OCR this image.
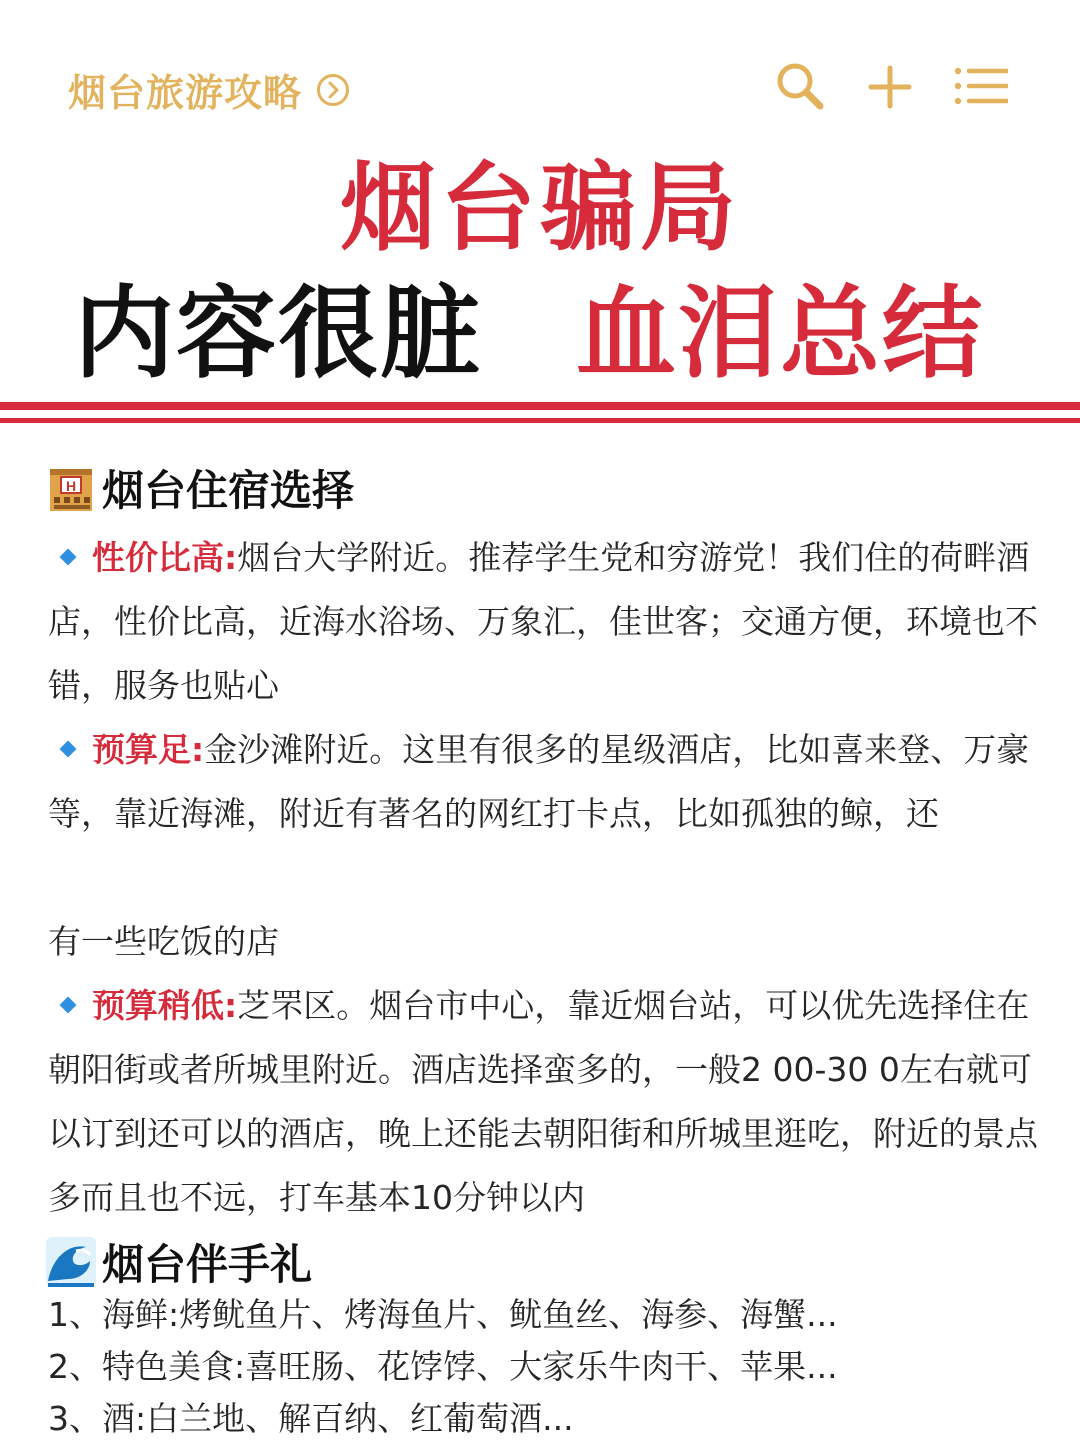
烟台旅游攻略
烟台骗局
内容很脏 血泪总结
H 烟台住宿选择
性价比高:烟台大学附近。推荐学生党和穷游党！我们住的荷畔酒店，性价比高，近海水浴场、万象汇，佳世客；交通方便，环境也不错，服务也贴心
预算足:金沙滩附近。这里有很多的星级酒店，比如喜来登、万豪等，靠近海滩，附近有著名的网红打卡点，比如孤独的鲸，还
有一些吃饭的店
预算稍低:芝罘区。烟台市中心，靠近烟台站，可以优先选择住在朝阳街或者所城里附近。酒店选择蛮多的，一般2 00-30 0左右就可以订到还可以的酒店，晚上还能去朝阳街和所城里逛吃，附近的景点多而且也不远，打车基本10分钟以内
烟台伴手礼
1、海鲜:烤鱿鱼片、烤海鱼片、鱿鱼丝、海参、海蟹...
2、特色美食:喜旺肠、花饽饽、大家乐牛肉干、苹果...
3、酒:白兰地、解百纳、红葡萄酒...
